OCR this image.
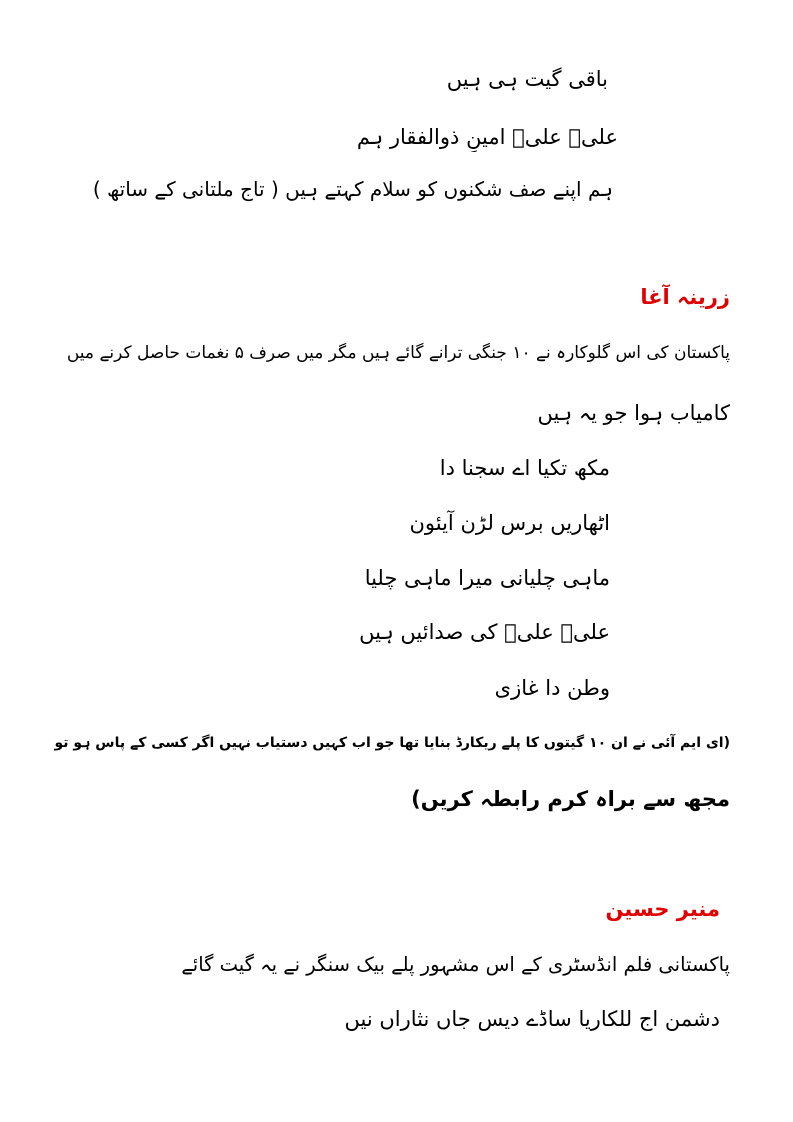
باقی گیت ہی ہیں
علیؑ علیؑ امینِ ذوالفقار ہم
ہم اپنے صف شکنوں کو سلام کہتے ہیں ( تاج ملتانی کے ساتھ )
زرینہ آغا
پاکستان کی اس گلوکارہ نے ۱۰ جنگی ترانے گائے ہیں مگر میں صرف ۵ نغمات حاصل کرنے میں
کامیاب ہوا جو یہ ہیں
مکھ تکیا اے سجنا دا
اٹھاریں برس لڑن آیئون
ماہی چلیانی میرا ماہی چلیا
علیؑ علیؑ کی صدائیں ہیں
وطن دا غازی
(ای ایم آئی نے ان ۱۰ گیتوں کا پلے ریکارڈ بنایا تھا جو اب کہیں دستیاب نہیں اگر کسی کے پاس ہو تو
مجھ سے براہ کرم رابطہ کریں)
منیر حسین
پاکستانی فلم انڈسٹری کے اس مشہور پلے بیک سنگر نے یہ گیت گائے
دشمن اج للکاریا ساڈے دیس جاں نثاراں نیں
